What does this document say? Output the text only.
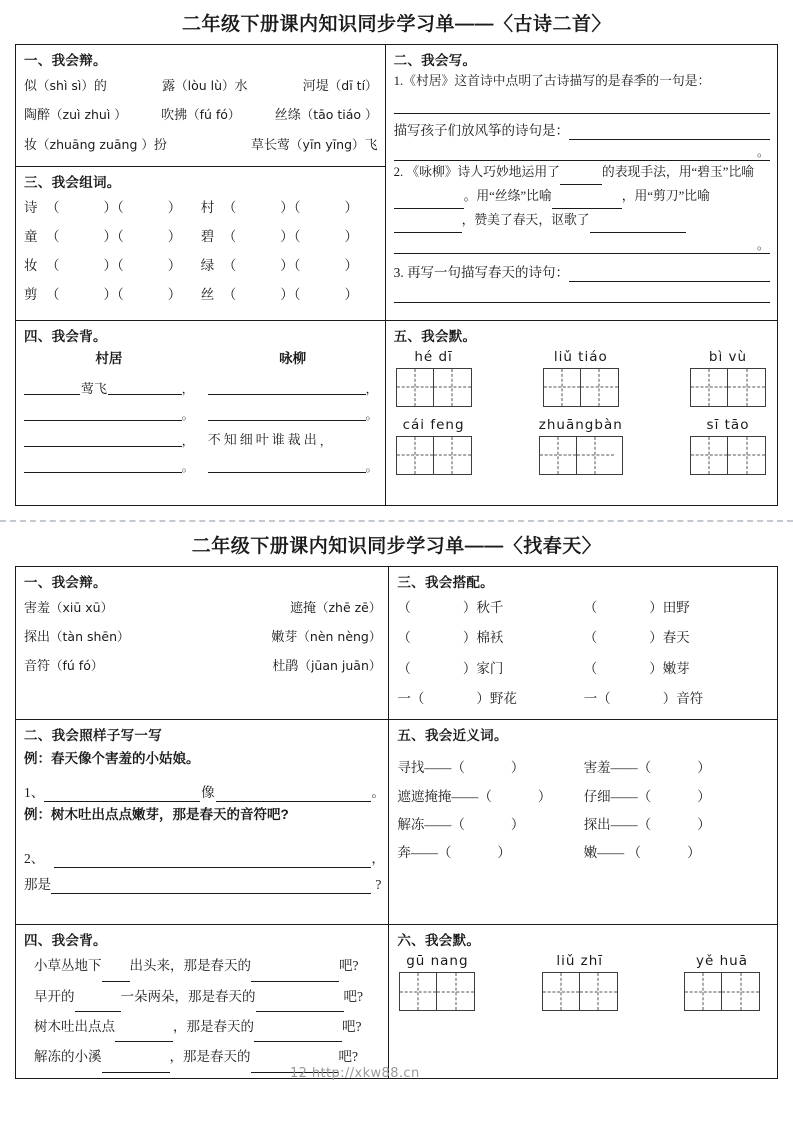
二年级下册课内知识同步学习单——〈古诗二首〉
一、我会辩。
似（shì sì）的	露（lòu lù）水	河堤（dī tí）
陶醉（zuì zhuì ）	吹拂（fú fó）	丝绦（tāo tiáo ）
妆（zhuāng zuāng ）扮	草长莺（yīn yīng）飞

二、我会写。
1.《村居》这首诗中点明了古诗描写的是春季的一句是：
描写孩子们放风筝的诗句是：
。
2. 《咏柳》诗人巧妙地运用了	的表现手法，用“碧玉”比喻 。用“丝绦”比喻	，用“剪刀”比喻 ，赞美了春天，讴歌了
。
3. 再写一句描写春天的诗句：

三、我会组词。
诗 （	）（	） 村 （	）（	）
童 （	）（	） 碧 （	）（	）
妆 （	）（	） 绿 （	）（	）
剪 （	）（	） 丝 （	）（	）

四、我会背。
村居
莺飞	，
。
，
。
咏柳
，
。
不知细叶谁裁出 ，
。

五、我会默。
hé dī	liǔ tiáo	bì vù
cái feng	zhuāngbàn	sī tāo
二年级下册课内知识同步学习单——〈找春天〉
一、我会辩。
害羞（xiū xū）	遮掩（zhē zē）
探出（tàn shēn）	嫩芽（nèn nèng）
音符（fú fó）	杜鹃（jūan juān）

三、我会搭配。
（	）秋千	（	）田野
（	）棉袄	（	）春天
（	）家门	（	）嫩芽
一（	）野花	一（	）音符

二、我会照样子写一写
例：春天像个害羞的小姑娘。
1、	像	。
例：树木吐出点点嫩芽，那是春天的音符吧?
2、	，
那是	?

五、我会近义词。
寻找——（	）	害羞——（	）
遮遮掩掩——（	）	仔细——（	）
解冻——（	）	探出——（	）
奔——（	）	嫩—— （	）

四、我会背。
小草丛地下 出头来，那是春天的	吧?
早开的	一朵两朵，那是春天的	吧?
树木吐出点点	，那是春天的	吧?
解冻的小溪	，那是春天的	吧?

六、我会默。
gū nang	liǔ zhī	yě huā
12 http://xkw88.cn
